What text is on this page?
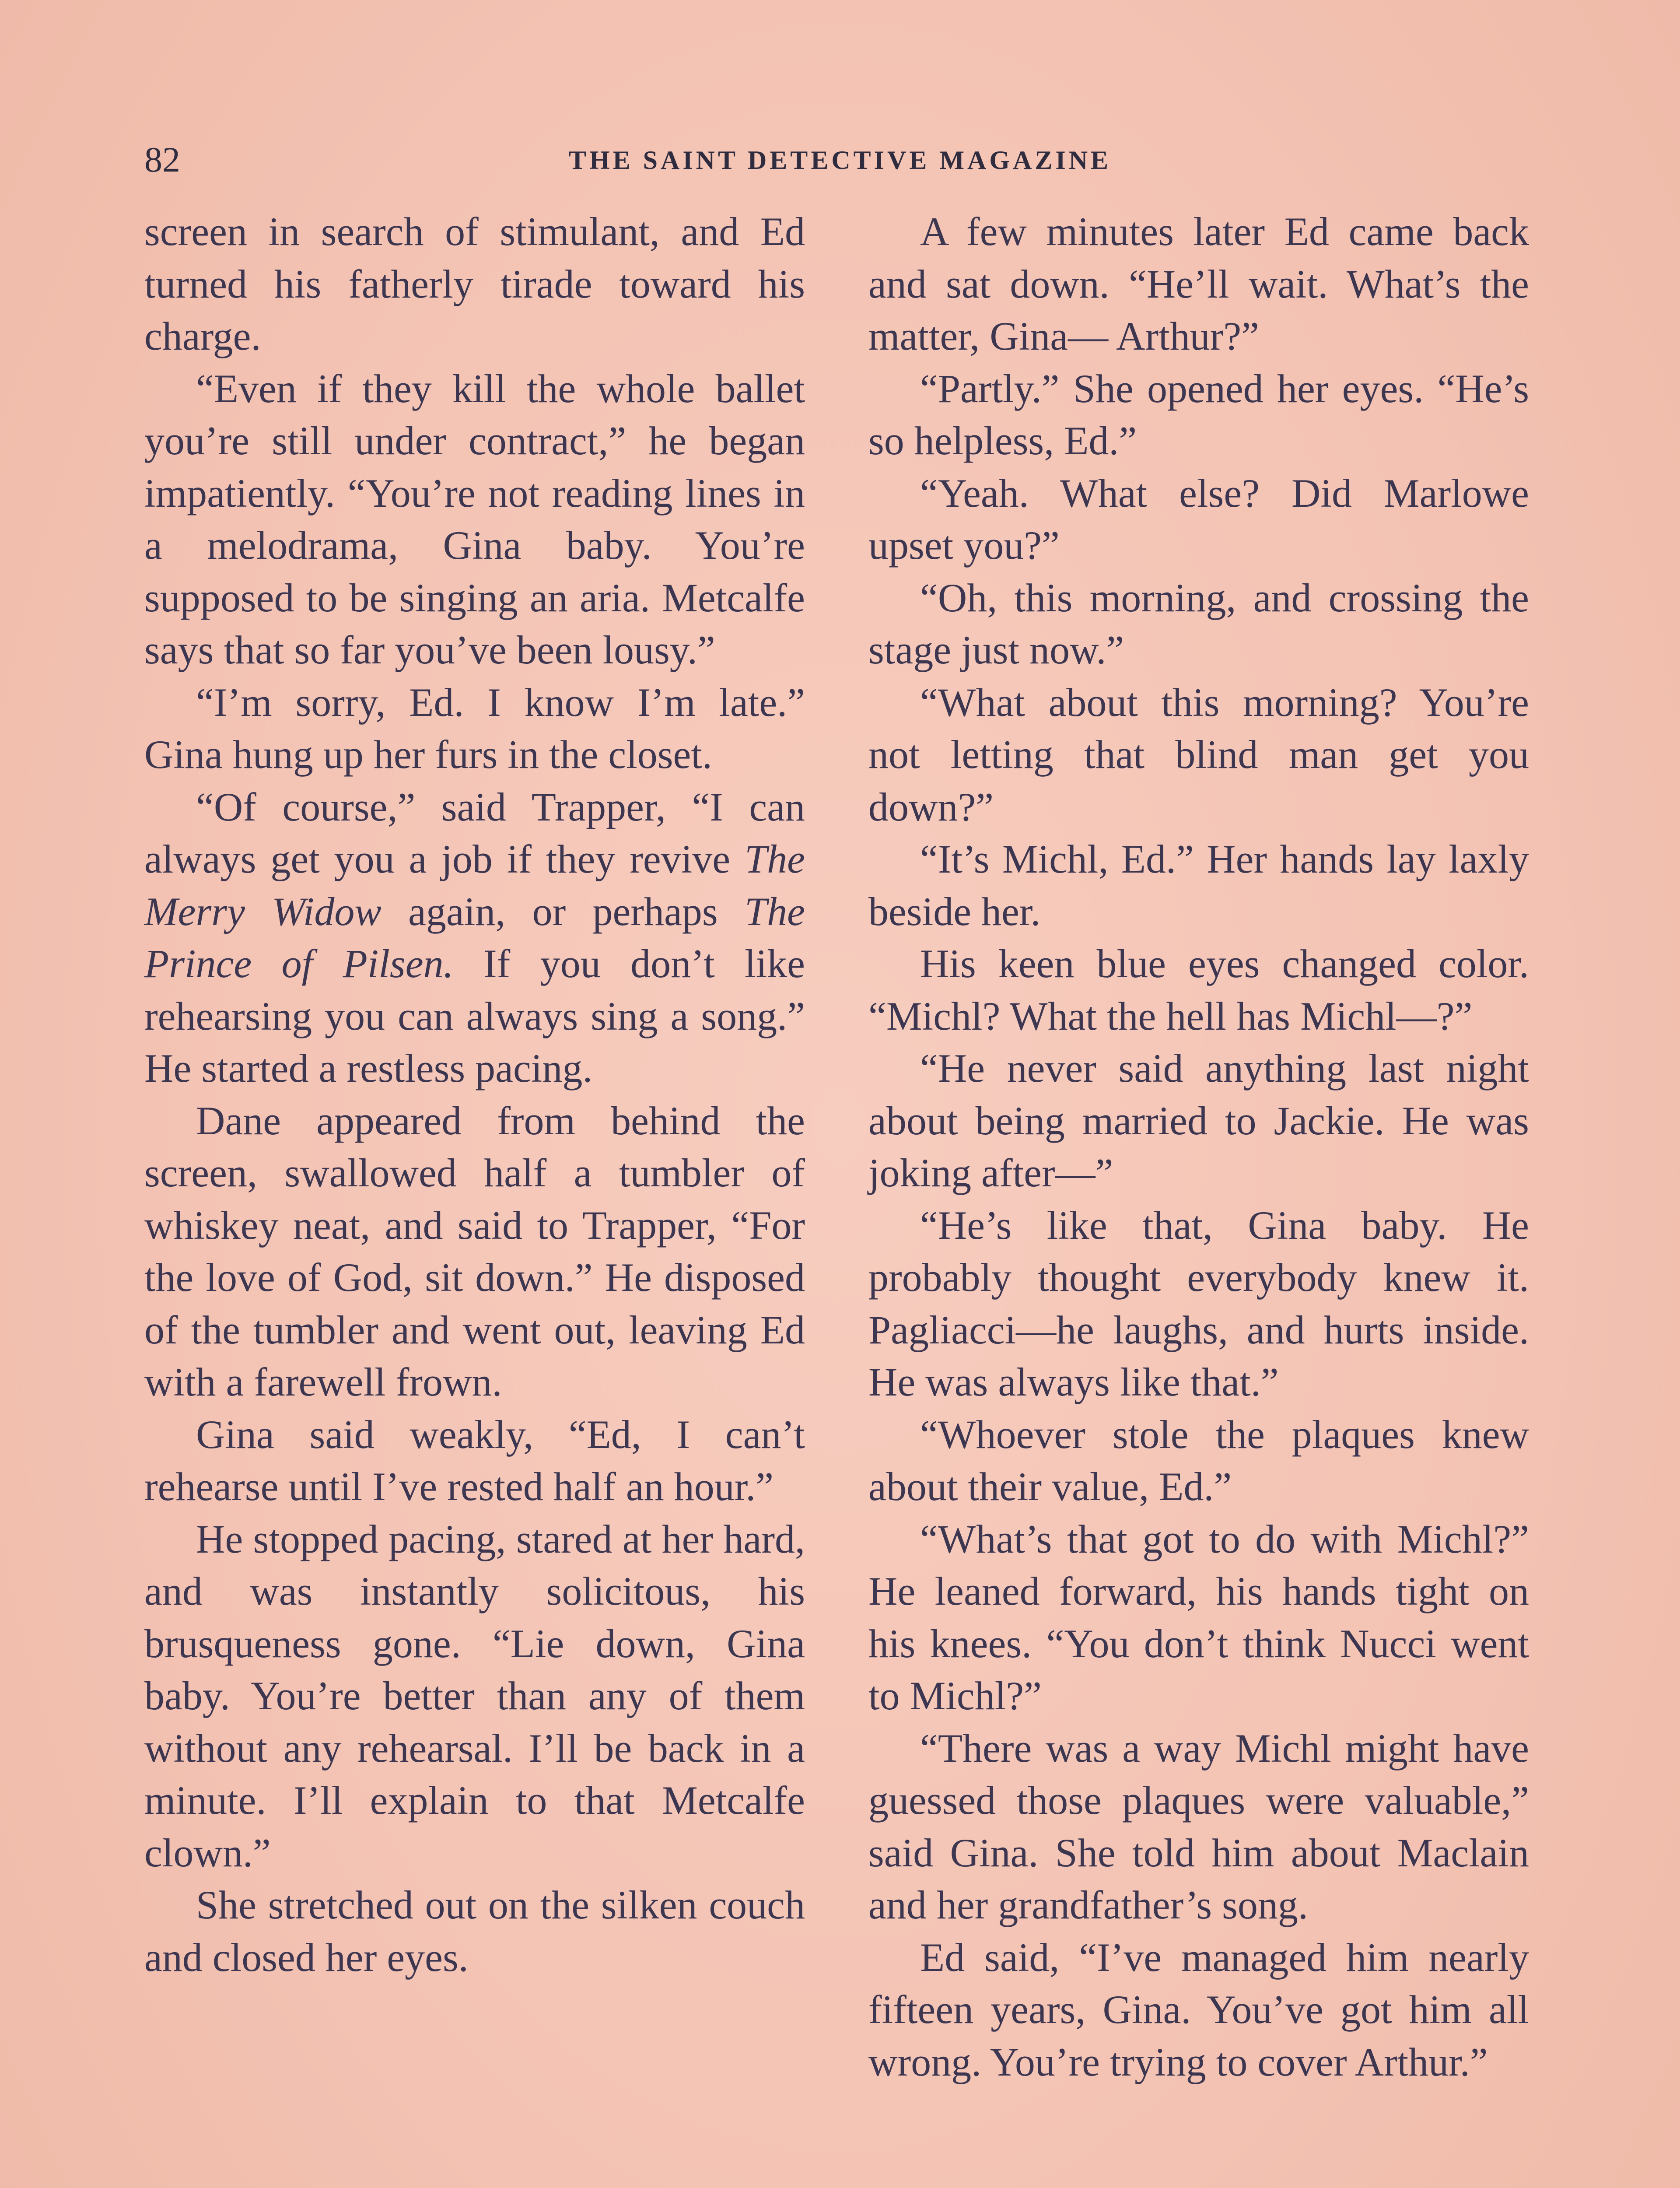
82	THE SAINT DETECTIVE MAGAZINE

screen in search of stimulant, and Ed turned his fatherly tirade toward his charge.

“Even if they kill the whole ballet you’re still under contract,” he began impatiently. “You’re not reading lines in a melodrama, Gina baby. You’re supposed to be singing an aria. Metcalfe says that so far you’ve been lousy.”

“I’m sorry, Ed. I know I’m late.” Gina hung up her furs in the closet.

“Of course,” said Trapper, “I can always get you a job if they revive The Merry Widow again, or perhaps The Prince of Pilsen. If you don’t like rehearsing you can always sing a song.” He started a restless pacing.

Dane appeared from behind the screen, swallowed half a tumbler of whiskey neat, and said to Trapper, “For the love of God, sit down.” He disposed of the tumbler and went out, leaving Ed with a farewell frown.

Gina said weakly, “Ed, I can’t rehearse until I’ve rested half an hour.”

He stopped pacing, stared at her hard, and was instantly solicitous, his brusqueness gone. “Lie down, Gina baby. You’re better than any of them without any rehearsal. I’ll be back in a minute. I’ll explain to that Metcalfe clown.”

She stretched out on the silken couch and closed her eyes.

A few minutes later Ed came back and sat down. “He’ll wait. What’s the matter, Gina— Arthur?”

“Partly.” She opened her eyes. “He’s so helpless, Ed.”

“Yeah. What else? Did Marlowe upset you?”

“Oh, this morning, and crossing the stage just now.”

“What about this morning? You’re not letting that blind man get you down?”

“It’s Michl, Ed.” Her hands lay laxly beside her.

His keen blue eyes changed color. “Michl? What the hell has Michl—?”

“He never said anything last night about being married to Jackie. He was joking after—”

“He’s like that, Gina baby. He probably thought everybody knew it. Pagliacci—he laughs, and hurts inside. He was always like that.”

“Whoever stole the plaques knew about their value, Ed.”

“What’s that got to do with Michl?” He leaned forward, his hands tight on his knees. “You don’t think Nucci went to Michl?”

“There was a way Michl might have guessed those plaques were valuable,” said Gina. She told him about Maclain and her grandfather’s song.

Ed said, “I’ve managed him nearly fifteen years, Gina. You’ve got him all wrong. You’re trying to cover Arthur.”
